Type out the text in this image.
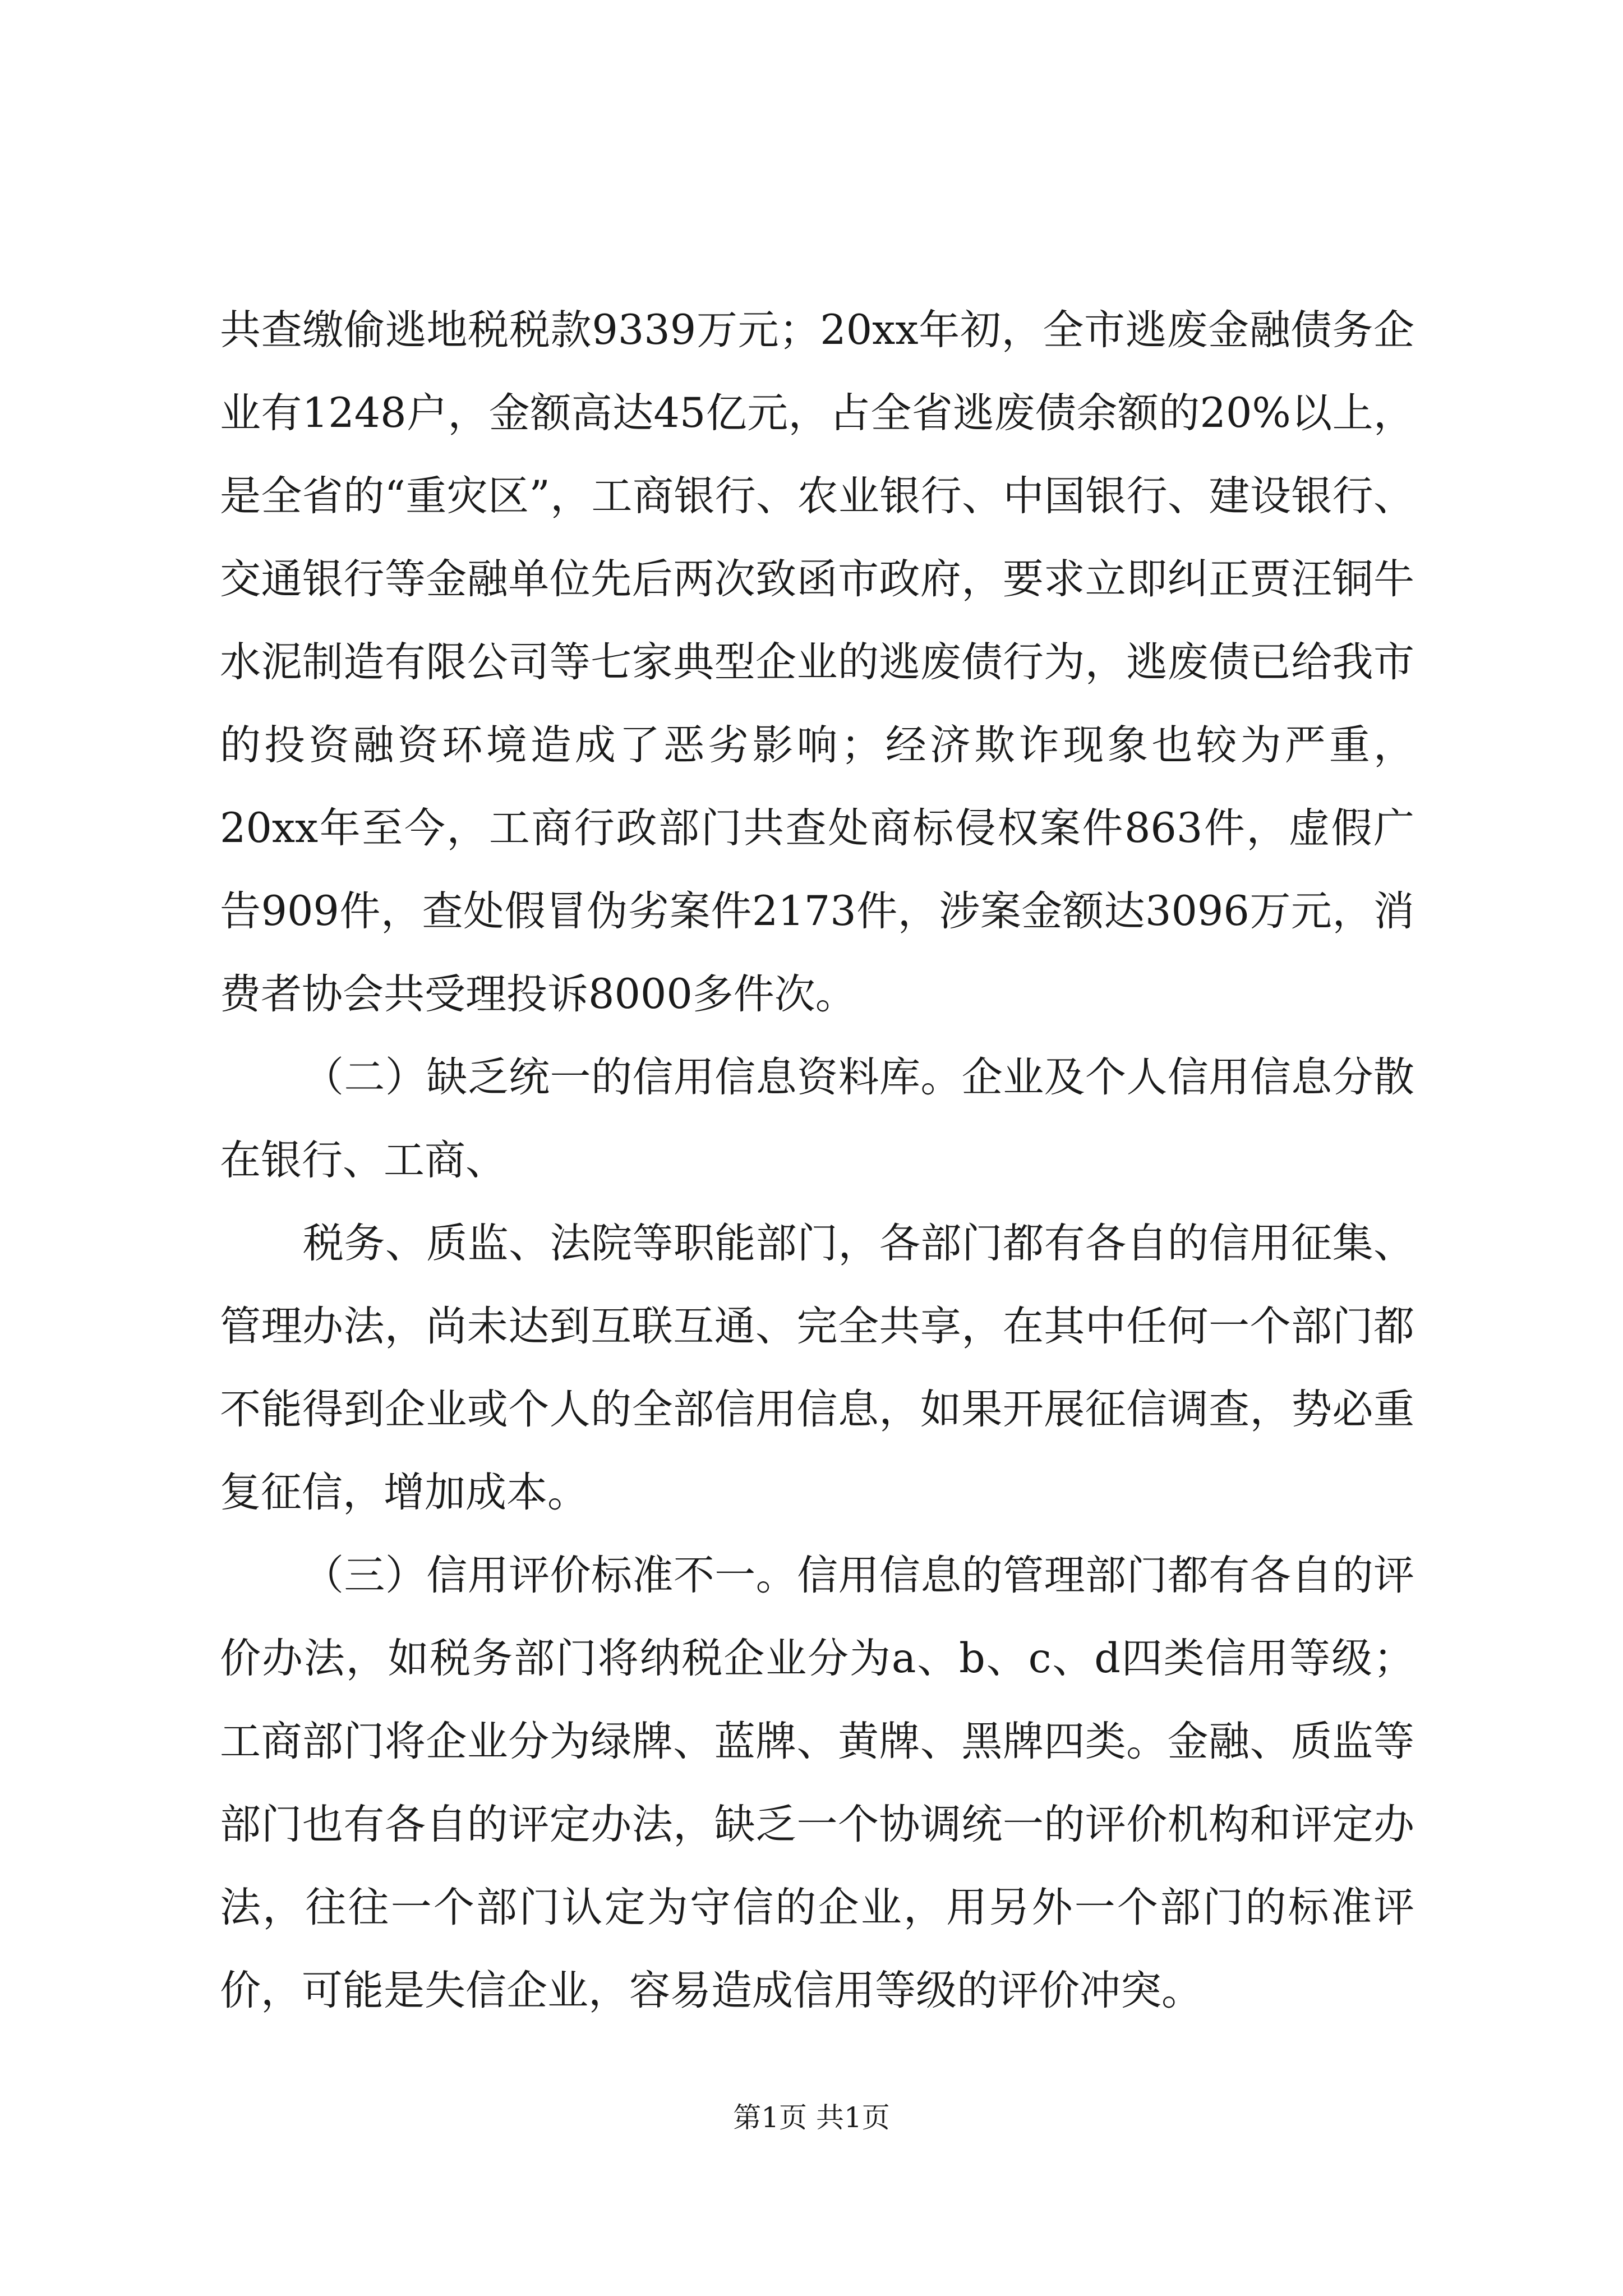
共查缴偷逃地税税款9339万元；20xx年初，全市逃废金融债务企业有1248户，金额高达45亿元，占全省逃废债余额的20%以上，是全省的“重灾区”，工商银行、农业银行、中国银行、建设银行、交通银行等金融单位先后两次致函市政府，要求立即纠正贾汪铜牛水泥制造有限公司等七家典型企业的逃废债行为，逃废债已给我市的投资融资环境造成了恶劣影响；经济欺诈现象也较为严重，20xx年至今，工商行政部门共查处商标侵权案件863件，虚假广告909件，查处假冒伪劣案件2173件，涉案金额达3096万元，消费者协会共受理投诉8000多件次。

（二）缺乏统一的信用信息资料库。企业及个人信用信息分散在银行、工商、

税务、质监、法院等职能部门，各部门都有各自的信用征集、管理办法，尚未达到互联互通、完全共享，在其中任何一个部门都不能得到企业或个人的全部信用信息，如果开展征信调查，势必重复征信，增加成本。

（三）信用评价标准不一。信用信息的管理部门都有各自的评价办法，如税务部门将纳税企业分为a、b、c、d四类信用等级；工商部门将企业分为绿牌、蓝牌、黄牌、黑牌四类。金融、质监等部门也有各自的评定办法，缺乏一个协调统一的评价机构和评定办法，往往一个部门认定为守信的企业，用另外一个部门的标准评价，可能是失信企业，容易造成信用等级的评价冲突。

第1页 共1页
